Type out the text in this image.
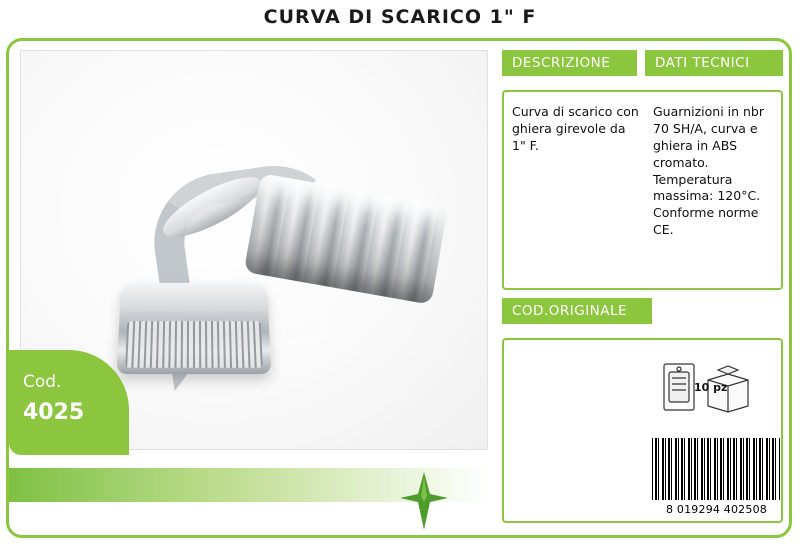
CURVA DI SCARICO 1" F
Cod.
4025
DESCRIZIONE	DATI TECNICI
Curva di scarico con ghiera girevole da 1" F.
Guarnizioni in nbr 70 SH/A, curva e ghiera in ABS cromato. Temperatura massima: 120°C. Conforme norme CE.
COD.ORIGINALE
10 pz
8 019294 402508
